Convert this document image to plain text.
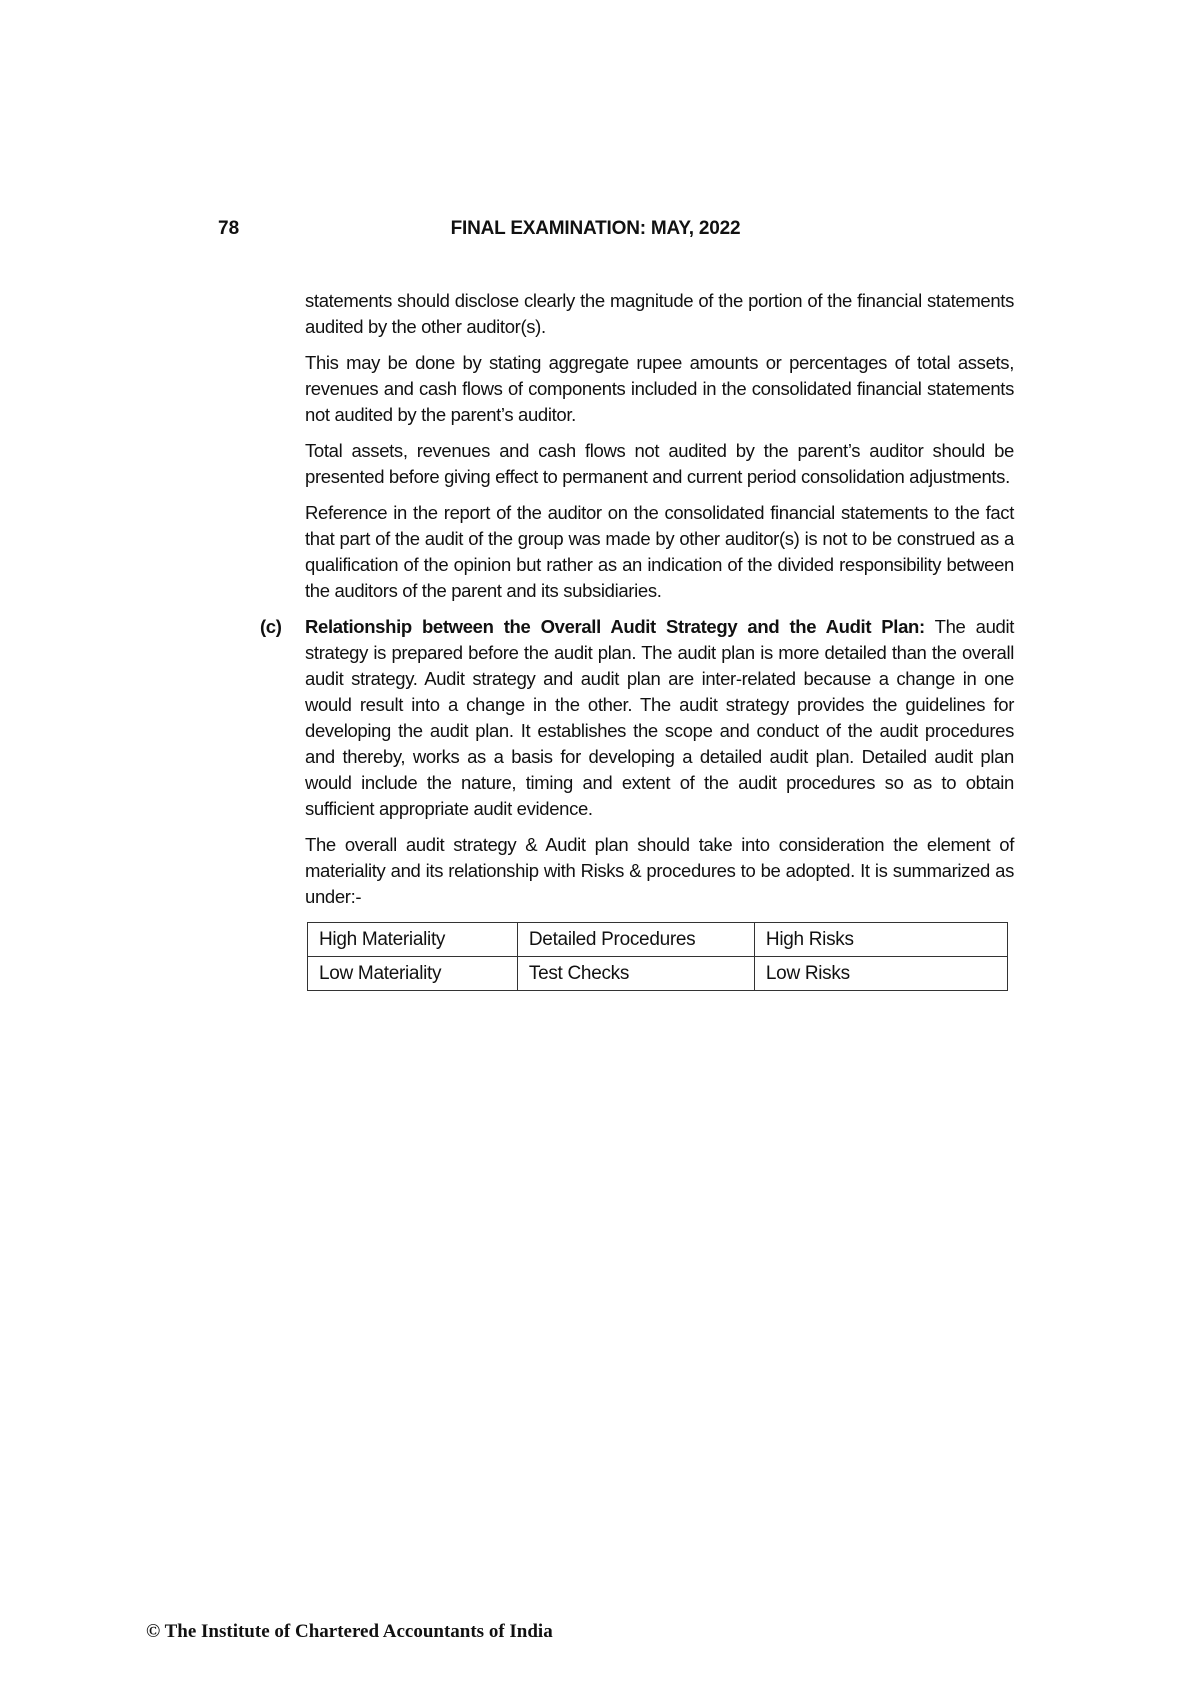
78	FINAL EXAMINATION: MAY, 2022

statements should disclose clearly the magnitude of the portion of the financial statements audited by the other auditor(s).

This may be done by stating aggregate rupee amounts or percentages of total assets, revenues and cash flows of components included in the consolidated financial statements not audited by the parent’s auditor.

Total assets, revenues and cash flows not audited by the parent’s auditor should be presented before giving effect to permanent and current period consolidation adjustments.

Reference in the report of the auditor on the consolidated financial statements to the fact that part of the audit of the group was made by other auditor(s) is not to be construed as a qualification of the opinion but rather as an indication of the divided responsibility between the auditors of the parent and its subsidiaries.

(c) Relationship between the Overall Audit Strategy and the Audit Plan: The audit strategy is prepared before the audit plan. The audit plan is more detailed than the overall audit strategy. Audit strategy and audit plan are inter-related because a change in one would result into a change in the other. The audit strategy provides the guidelines for developing the audit plan. It establishes the scope and conduct of the audit procedures and thereby, works as a basis for developing a detailed audit plan. Detailed audit plan would include the nature, timing and extent of the audit procedures so as to obtain sufficient appropriate audit evidence.

The overall audit strategy & Audit plan should take into consideration the element of materiality and its relationship with Risks & procedures to be adopted. It is summarized as under:-

High Materiality	Detailed Procedures	High Risks
Low Materiality	Test Checks	Low Risks
© The Institute of Chartered Accountants of India
